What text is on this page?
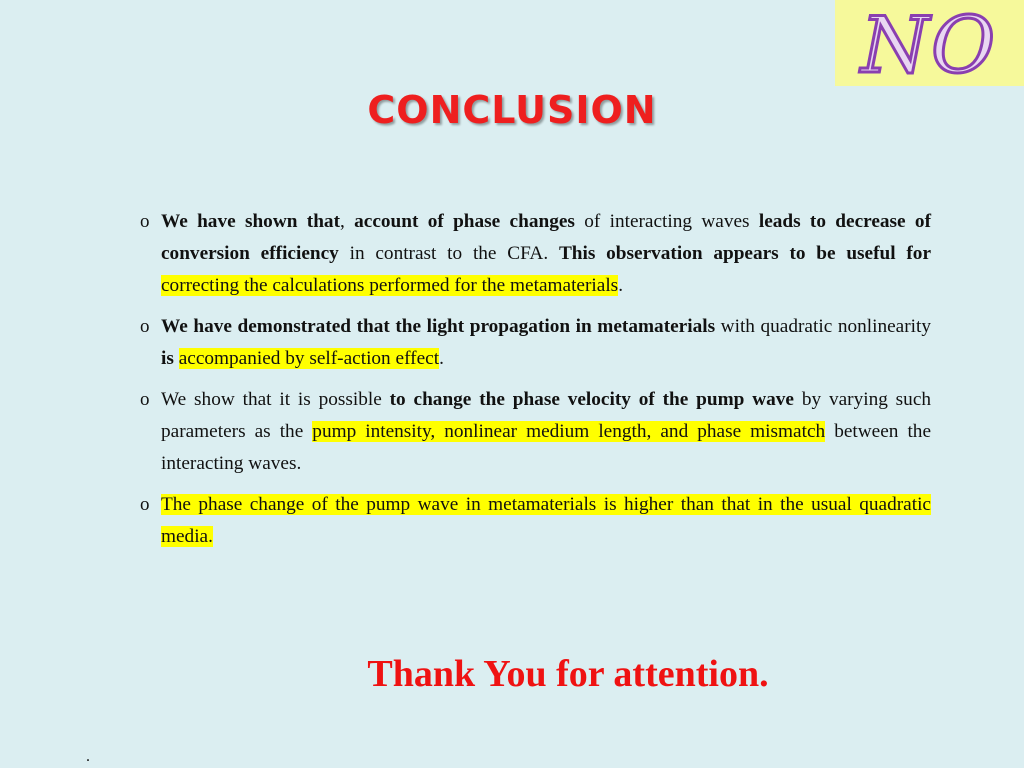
NO
CONCLUSION
o We have shown that, account of phase changes of interacting waves leads to decrease of conversion efficiency in contrast to the CFA. This observation appears to be useful for correcting the calculations performed for the metamaterials.
o We have demonstrated that the light propagation in metamaterials with quadratic nonlinearity is accompanied by self-action effect.
o We show that it is possible to change the phase velocity of the pump wave by varying such parameters as the pump intensity, nonlinear medium length, and phase mismatch between the interacting waves.
o The phase change of the pump wave in metamaterials is higher than that in the usual quadratic media.
Thank You for attention.
.
